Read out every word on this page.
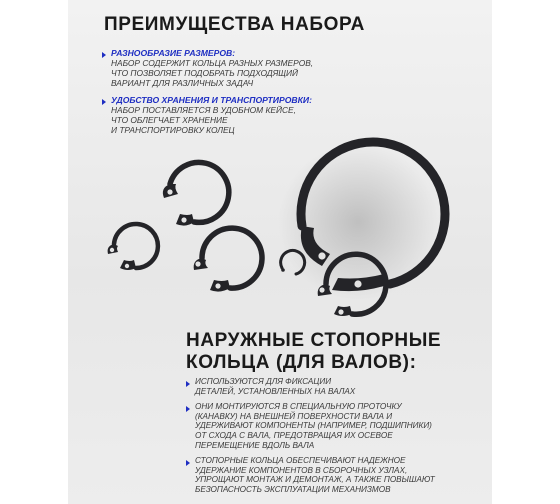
ПРЕИМУЩЕСТВА НАБОРА
РАЗНООБРАЗИЕ РАЗМЕРОВ:
НАБОР СОДЕРЖИТ КОЛЬЦА РАЗНЫХ РАЗМЕРОВ,
ЧТО ПОЗВОЛЯЕТ ПОДОБРАТЬ ПОДХОДЯЩИЙ
ВАРИАНТ ДЛЯ РАЗЛИЧНЫХ ЗАДАЧ
УДОБСТВО ХРАНЕНИЯ И ТРАНСПОРТИРОВКИ:
НАБОР ПОСТАВЛЯЕТСЯ В УДОБНОМ КЕЙСЕ,
ЧТО ОБЛЕГЧАЕТ ХРАНЕНИЕ
И ТРАНСПОРТИРОВКУ КОЛЕЦ
НАРУЖНЫЕ СТОПОРНЫЕ
КОЛЬЦА (ДЛЯ ВАЛОВ):
ИСПОЛЬЗУЮТСЯ ДЛЯ ФИКСАЦИИ
ДЕТАЛЕЙ, УСТАНОВЛЕННЫХ НА ВАЛАХ
ОНИ МОНТИРУЮТСЯ В СПЕЦИАЛЬНУЮ ПРОТОЧКУ
(КАНАВКУ) НА ВНЕШНЕЙ ПОВЕРХНОСТИ ВАЛА И
УДЕРЖИВАЮТ КОМПОНЕНТЫ (НАПРИМЕР, ПОДШИПНИКИ)
ОТ СХОДА С ВАЛА, ПРЕДОТВРАЩАЯ ИХ ОСЕВОЕ
ПЕРЕМЕЩЕНИЕ ВДОЛЬ ВАЛА
СТОПОРНЫЕ КОЛЬЦА ОБЕСПЕЧИВАЮТ НАДЕЖНОЕ
УДЕРЖАНИЕ КОМПОНЕНТОВ В СБОРОЧНЫХ УЗЛАХ,
УПРОЩАЮТ МОНТАЖ И ДЕМОНТАЖ, А ТАКЖЕ ПОВЫШАЮТ
БЕЗОПАСНОСТЬ ЭКСПЛУАТАЦИИ МЕХАНИЗМОВ
